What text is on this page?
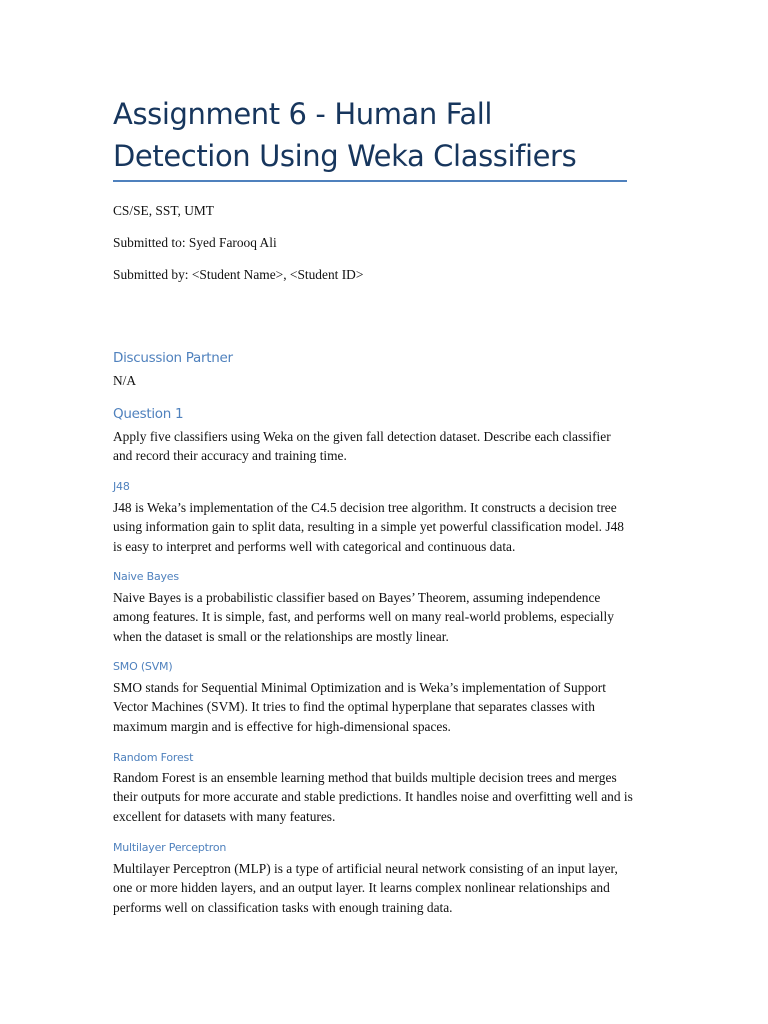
Assignment 6 - Human Fall Detection Using Weka Classifiers

CS/SE, SST, UMT

Submitted to: Syed Farooq Ali

Submitted by: <Student Name>, <Student ID>

Discussion Partner

N/A

Question 1

Apply five classifiers using Weka on the given fall detection dataset. Describe each classifier and record their accuracy and training time.

J48

J48 is Weka’s implementation of the C4.5 decision tree algorithm. It constructs a decision tree using information gain to split data, resulting in a simple yet powerful classification model. J48 is easy to interpret and performs well with categorical and continuous data.

Naive Bayes

Naive Bayes is a probabilistic classifier based on Bayes’ Theorem, assuming independence among features. It is simple, fast, and performs well on many real-world problems, especially when the dataset is small or the relationships are mostly linear.

SMO (SVM)

SMO stands for Sequential Minimal Optimization and is Weka’s implementation of Support Vector Machines (SVM). It tries to find the optimal hyperplane that separates classes with maximum margin and is effective for high-dimensional spaces.

Random Forest

Random Forest is an ensemble learning method that builds multiple decision trees and merges their outputs for more accurate and stable predictions. It handles noise and overfitting well and is excellent for datasets with many features.

Multilayer Perceptron

Multilayer Perceptron (MLP) is a type of artificial neural network consisting of an input layer, one or more hidden layers, and an output layer. It learns complex nonlinear relationships and performs well on classification tasks with enough training data.
